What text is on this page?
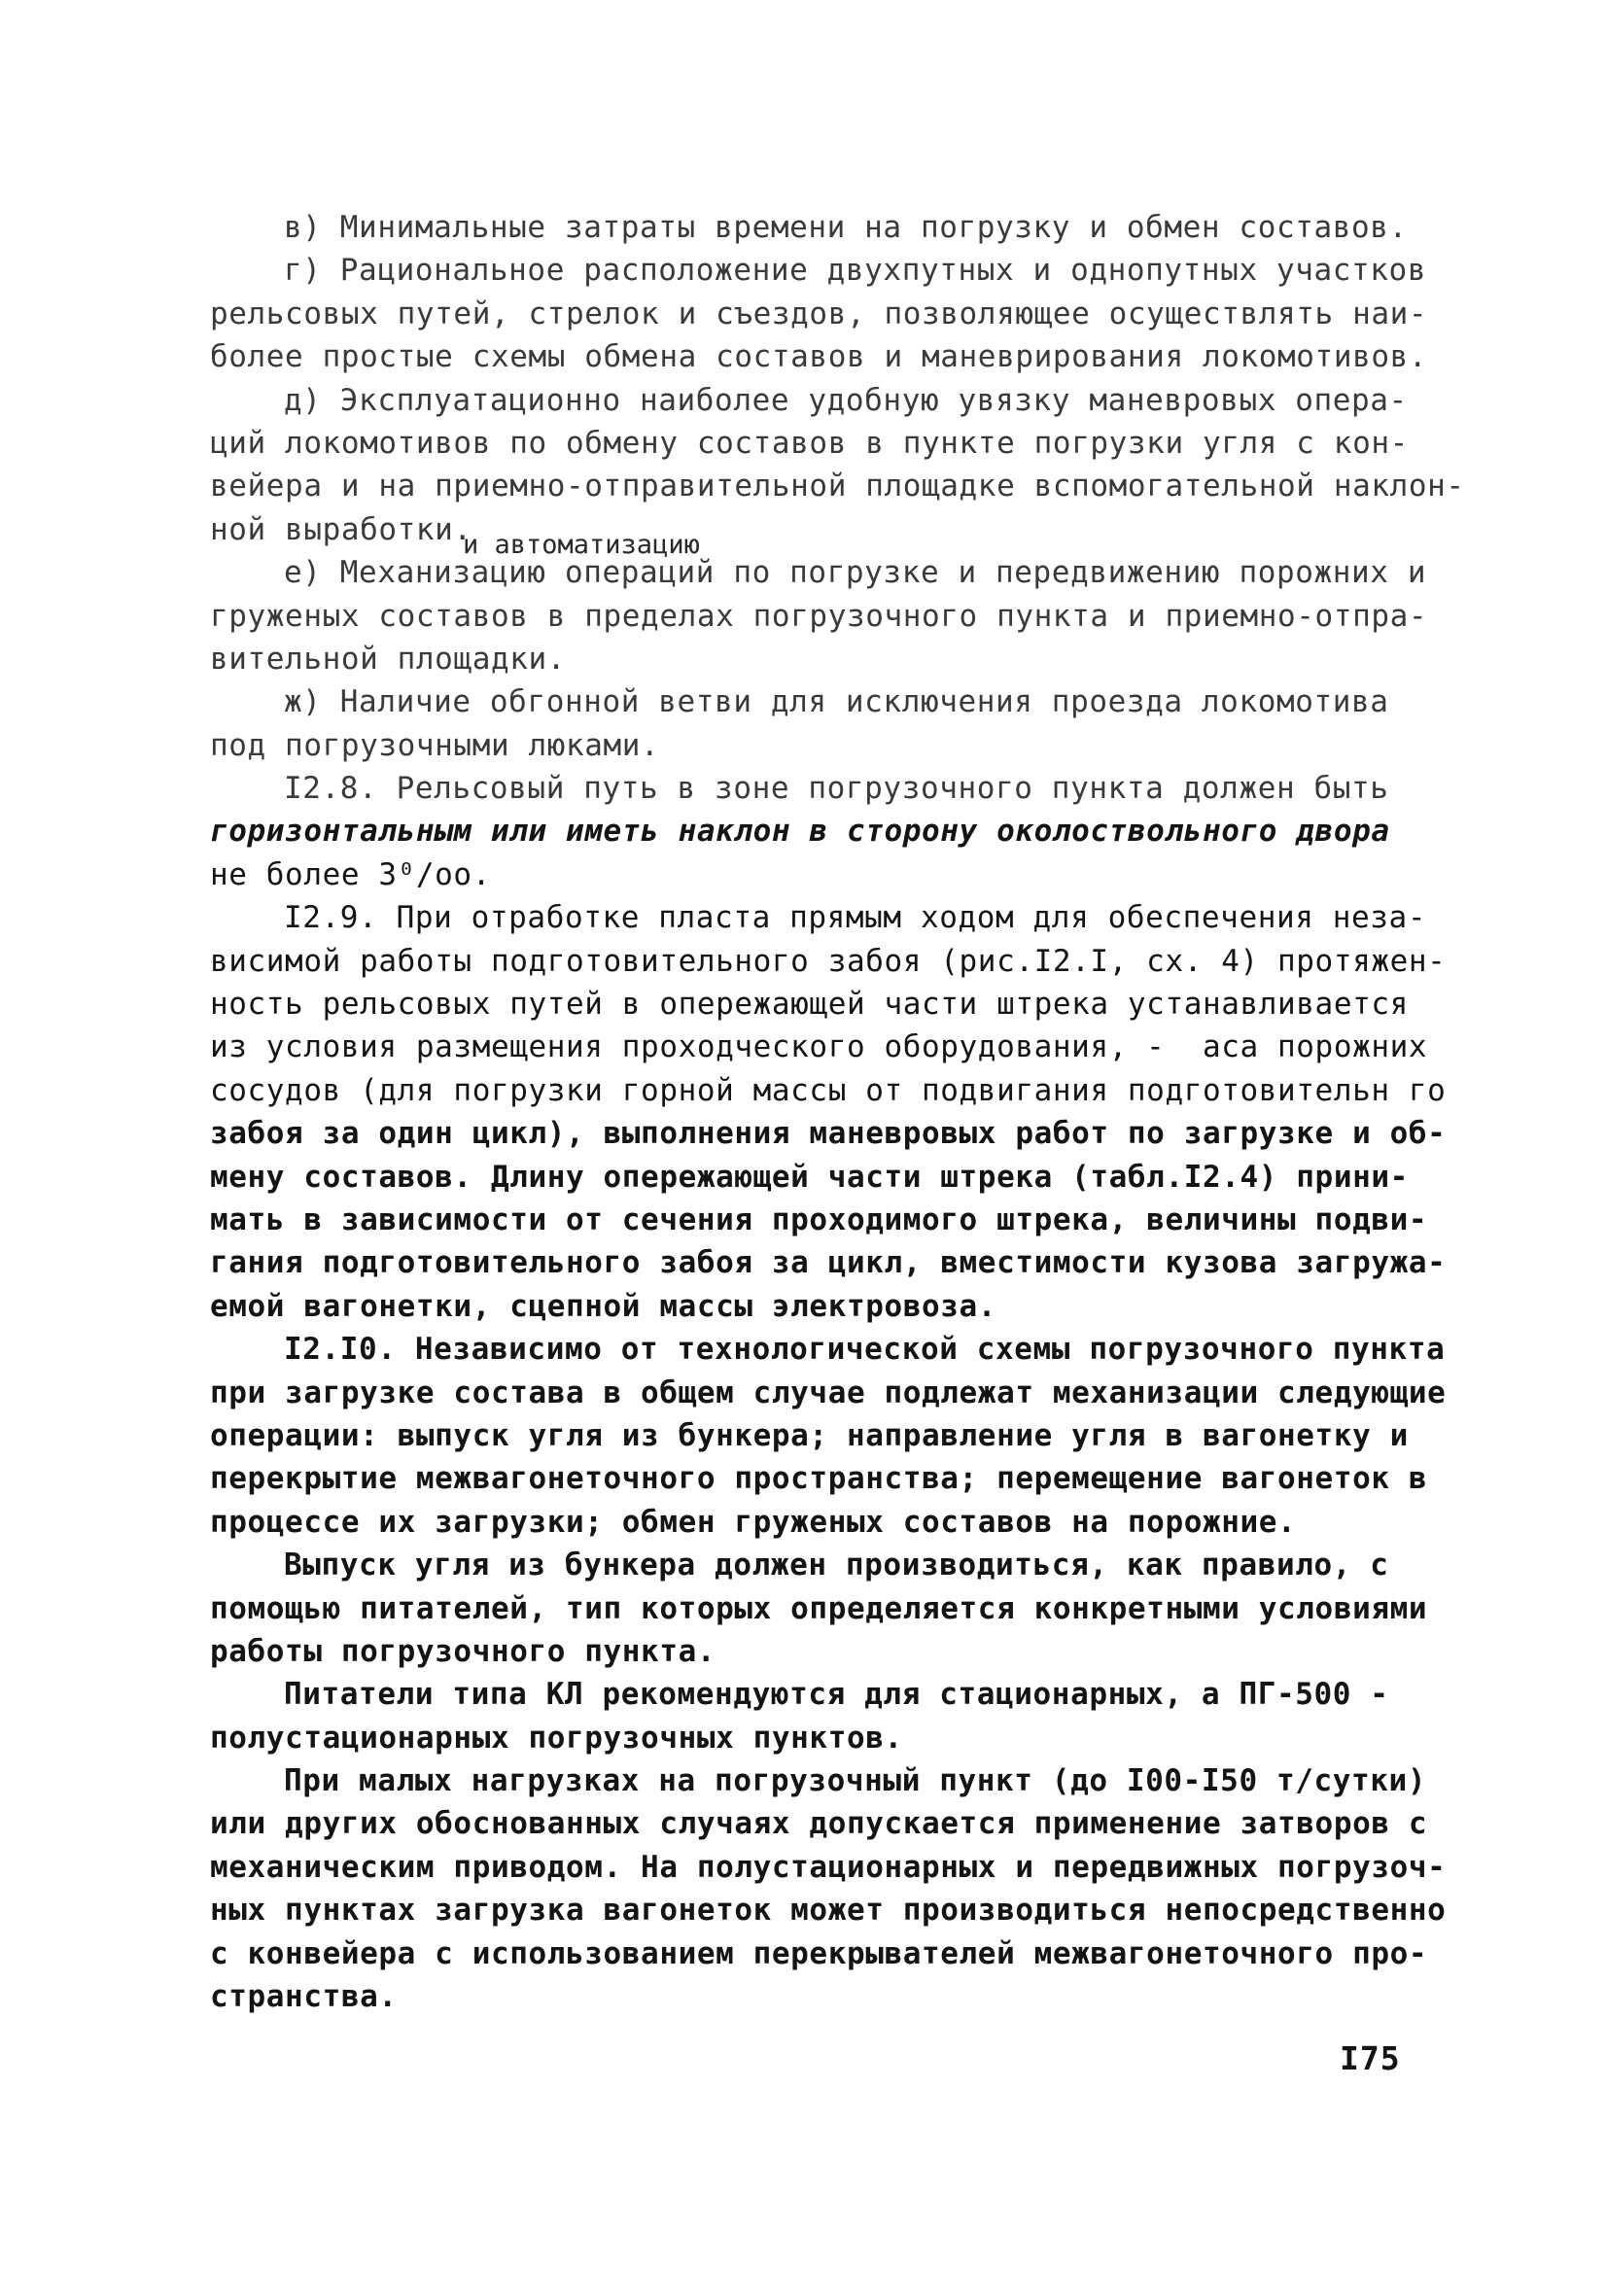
в) Минимальные затраты времени на погрузку и обмен составов.
г) Рациональное расположение двухпутных и однопутных участков
рельсовых путей, стрелок и съездов, позволяющее осуществлять наи-
более простые схемы обмена составов и маневрирования локомотивов.
д) Эксплуатационно наиболее удобную увязку маневровых опера-
ций локомотивов по обмену составов в пункте погрузки угля с кон-
вейера и на приемно-отправительной площадке вспомогательной наклон-
ной выработки.
и автоматизацию
е) Механизацию операций по погрузке и передвижению порожних и
груженых составов в пределах погрузочного пункта и приемно-отпра-
вительной площадки.
ж) Наличие обгонной ветви для исключения проезда локомотива
под погрузочными люками.
I2.8. Рельсовый путь в зоне погрузочного пункта должен быть
горизонтальным или иметь наклон в сторону околоствольного двора
не более 3⁰/оо.
I2.9. При отработке пласта прямым ходом для обеспечения неза-
висимой работы подготовительного забоя (рис.I2.I, сх. 4) протяжен-
ность рельсовых путей в опережающей части штрека устанавливается
из условия размещения проходческого оборудования, ‐  аса порожних
сосудов (для погрузки горной массы от подвигания подготовительн го
забоя за один цикл), выполнения маневровых работ по загрузке и об-
мену составов. Длину опережающей части штрека (табл.I2.4) прини-
мать в зависимости от сечения проходимого штрека, величины подви-
гания подготовительного забоя за цикл, вместимости кузова загружа-
емой вагонетки, сцепной массы электровоза.
I2.I0. Независимо от технологической схемы погрузочного пункта
при загрузке состава в общем случае подлежат механизации следующие
операции: выпуск угля из бункера; направление угля в вагонетку и
перекрытие межвагонеточного пространства; перемещение вагонеток в
процессе их загрузки; обмен груженых составов на порожние.
Выпуск угля из бункера должен производиться, как правило, с
помощью питателей, тип которых определяется конкретными условиями
работы погрузочного пункта.
Питатели типа КЛ рекомендуются для стационарных, а ПГ-500 -
полустационарных погрузочных пунктов.
При малых нагрузках на погрузочный пункт (до I00-I50 т/сутки)
или других обоснованных случаях допускается применение затворов с
механическим приводом. На полустационарных и передвижных погрузоч-
ных пунктах загрузка вагонеток может производиться непосредственно
с конвейера с использованием перекрывателей межвагонеточного про-
странства.
I75
